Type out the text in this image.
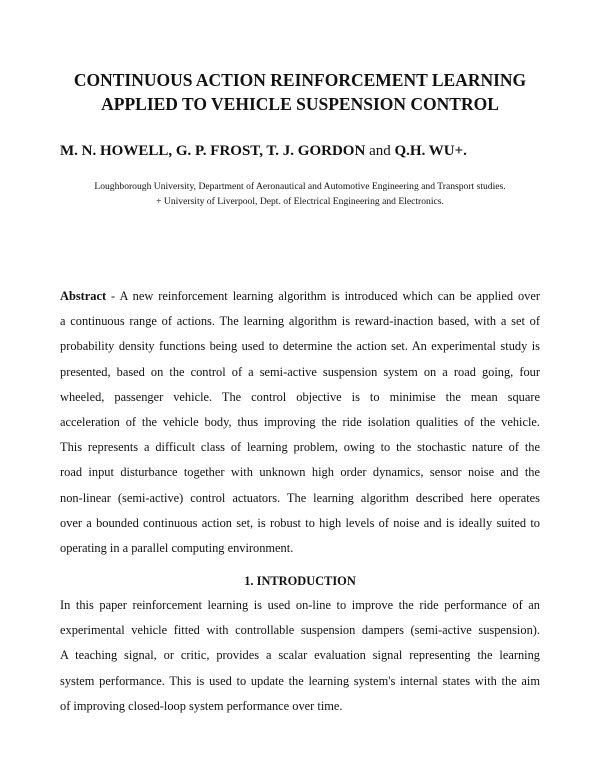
CONTINUOUS ACTION REINFORCEMENT LEARNING
APPLIED TO VEHICLE SUSPENSION CONTROL
M. N. HOWELL, G. P. FROST, T. J. GORDON and Q.H. WU+.
Loughborough University, Department of Aeronautical and Automotive Engineering and Transport studies.
+ University of Liverpool, Dept. of Electrical Engineering and Electronics.
Abstract - A new reinforcement learning algorithm is introduced which can be applied over
a continuous range of actions. The learning algorithm is reward-inaction based, with a set of
probability density functions being used to determine the action set. An experimental study is
presented, based on the control of a semi-active suspension system on a road going, four
wheeled, passenger vehicle. The control objective is to minimise the mean square
acceleration of the vehicle body, thus improving the ride isolation qualities of the vehicle.
This represents a difficult class of learning problem, owing to the stochastic nature of the
road input disturbance together with unknown high order dynamics, sensor noise and the
non-linear (semi-active) control actuators. The learning algorithm described here operates
over a bounded continuous action set, is robust to high levels of noise and is ideally suited to
operating in a parallel computing environment.
1. INTRODUCTION
In this paper reinforcement learning is used on-line to improve the ride performance of an
experimental vehicle fitted with controllable suspension dampers (semi-active suspension).
A teaching signal, or critic, provides a scalar evaluation signal representing the learning
system performance. This is used to update the learning system's internal states with the aim
of improving closed-loop system performance over time.
